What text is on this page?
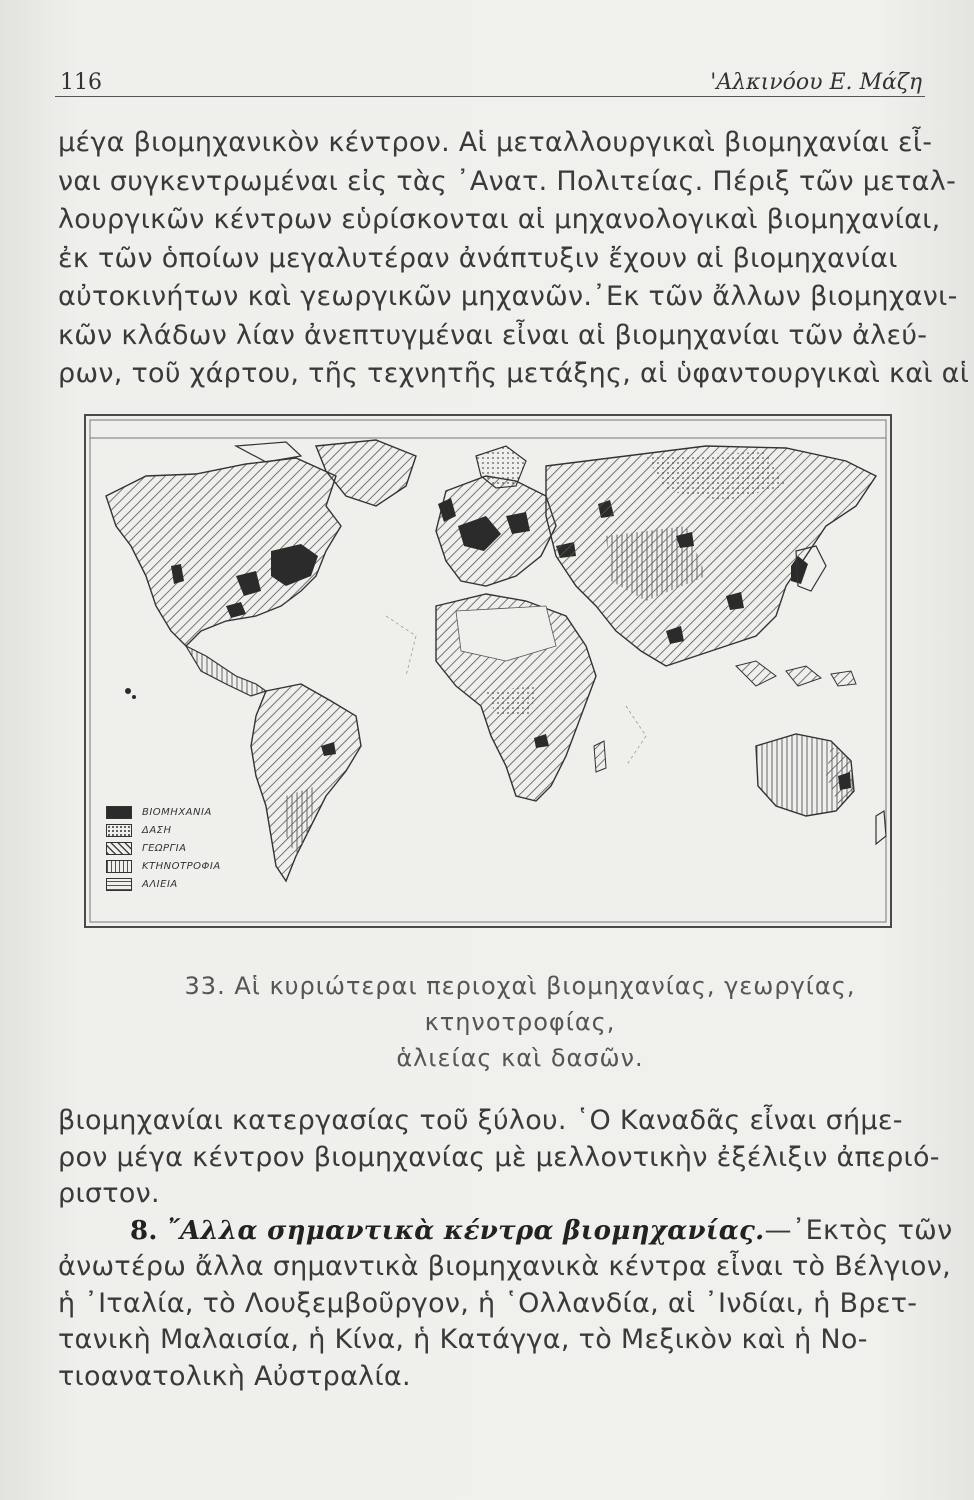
116	'Αλκινόου Ε. Μάζη
μέγα βιομηχανικὸν κέντρον. Αἱ μεταλλουργικαὶ βιομηχανίαι εἶ-
ναι συγκεντρωμέναι εἰς τὰς ᾿Ανατ. Πολιτείας. Πέριξ τῶν μεταλ-
λουργικῶν κέντρων εὑρίσκονται αἱ μηχανολογικαὶ βιομηχανίαι,
ἐκ τῶν ὁποίων μεγαλυτέραν ἀνάπτυξιν ἔχουν αἱ βιομηχανίαι
αὐτοκινήτων καὶ γεωργικῶν μηχανῶν.᾿Εκ τῶν ἄλλων βιομηχανι-
κῶν κλάδων λίαν ἀνεπτυγμέναι εἶναι αἱ βιομηχανίαι τῶν ἀλεύ-
ρων, τοῦ χάρτου, τῆς τεχνητῆς μετάξης, αἱ ὑφαντουργικαὶ καὶ αἱ
ΒΙΟΜΗΧΑΝΙΑ
ΔΑΣΗ
ΓΕΩΡΓΙΑ
ΚΤΗΝΟΤΡΟΦΙΑ
ΑΛΙΕΙΑ
33. Αἱ κυριώτεραι περιοχαὶ βιομηχανίας, γεωργίας, κτηνοτροφίας,
ἁλιείας καὶ δασῶν.
βιομηχανίαι κατεργασίας τοῦ ξύλου. ῾Ο Καναδᾶς εἶναι σήμε-
ρον μέγα κέντρον βιομηχανίας μὲ μελλοντικὴν ἐξέλιξιν ἀπεριό-
ριστον.
8. ῎Αλλα σημαντικὰ κέντρα βιομηχανίας.—᾿Εκτὸς τῶν
ἀνωτέρω ἄλλα σημαντικὰ βιομηχανικὰ κέντρα εἶναι τὸ Βέλγιον,
ἡ ᾿Ιταλία, τὸ Λουξεμβοῦργον, ἡ ῾Ολλανδία, αἱ ᾿Ινδίαι, ἡ Βρετ-
τανικὴ Μαλαισία, ἡ Κίνα, ἡ Κατάγγα, τὸ Μεξικὸν καὶ ἡ Νο-
τιοανατολικὴ Αὐστραλία.
